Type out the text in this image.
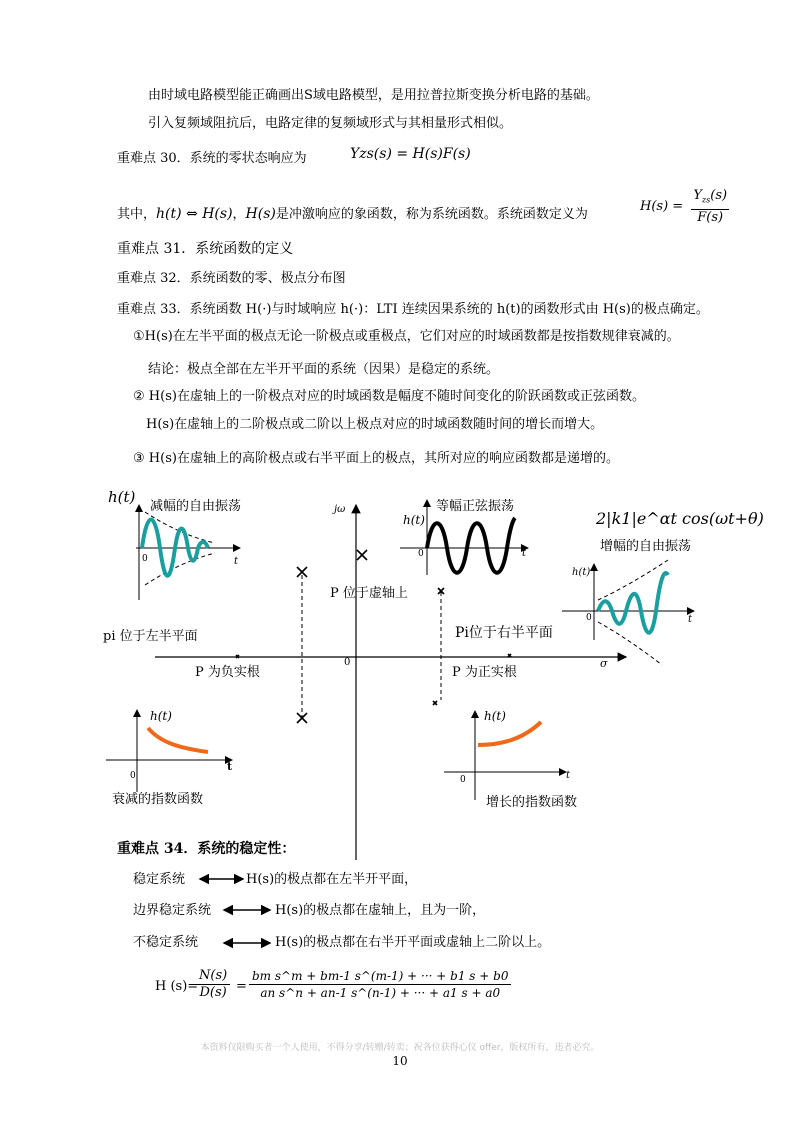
由时域电路模型能正确画出S域电路模型，是用拉普拉斯变换分析电路的基础。
引入复频域阻抗后，电路定律的复频域形式与其相量形式相似。
重难点 30．系统的零状态响应为	Yzs(s) = H(s)F(s)
H(s) =
$Y_{zs}(s)$
F(s)
其中，h(t) ⇔ H(s)，H(s)是冲激响应的象函数，称为系统函数。系统函数定义为
重难点 31．系统函数的定义
重难点 32．系统函数的零、极点分布图
重难点 33．系统函数 H(·)与时域响应 h(·)：LTI 连续因果系统的 h(t)的函数形式由 H(s)的极点确定。
①H(s)在左半平面的极点无论一阶极点或重极点，它们对应的时域函数都是按指数规律衰减的。
结论：极点全部在左半开平面的系统（因果）是稳定的系统。
② H(s)在虚轴上的一阶极点对应的时域函数是幅度不随时间变化的阶跃函数或正弦函数。
H(s)在虚轴上的二阶极点或二阶以上极点对应的时域函数随时间的增长而增大。
③ H(s)在虚轴上的高阶极点或右半平面上的极点，其所对应的响应函数都是递增的。
jω
σ
0
P 位于虚轴上
pi 位于左半平面	Pi位于右半平面
P 为负实根	P 为正实根
h(t)
减幅的自由振荡
0	t
h(t)
等幅正弦振荡
0	t
2|k1|e^αt cos(ωt+θ)
增幅的自由振荡
h(t)
0	t
h(t)
0
t
衰减的指数函数
h(t)
0	t
增长的指数函数
重难点 34．系统的稳定性：
稳定系统	H(s)的极点都在左半开平面，
边界稳定系统	H(s)的极点都在虚轴上，且为一阶，
不稳定系统	H(s)的极点都在右半开平面或虚轴上二阶以上。
H (s)=
N(s)
D(s) =
bm s^m + bm-1 s^(m-1) + ··· + b1 s + b0
an s^n + an-1 s^(n-1) + ··· + a1 s + a0
本资料仅限购买者一个人使用，不得分享/转赠/转卖；祝各位获得心仪 offer，版权所有，违者必究。
10
